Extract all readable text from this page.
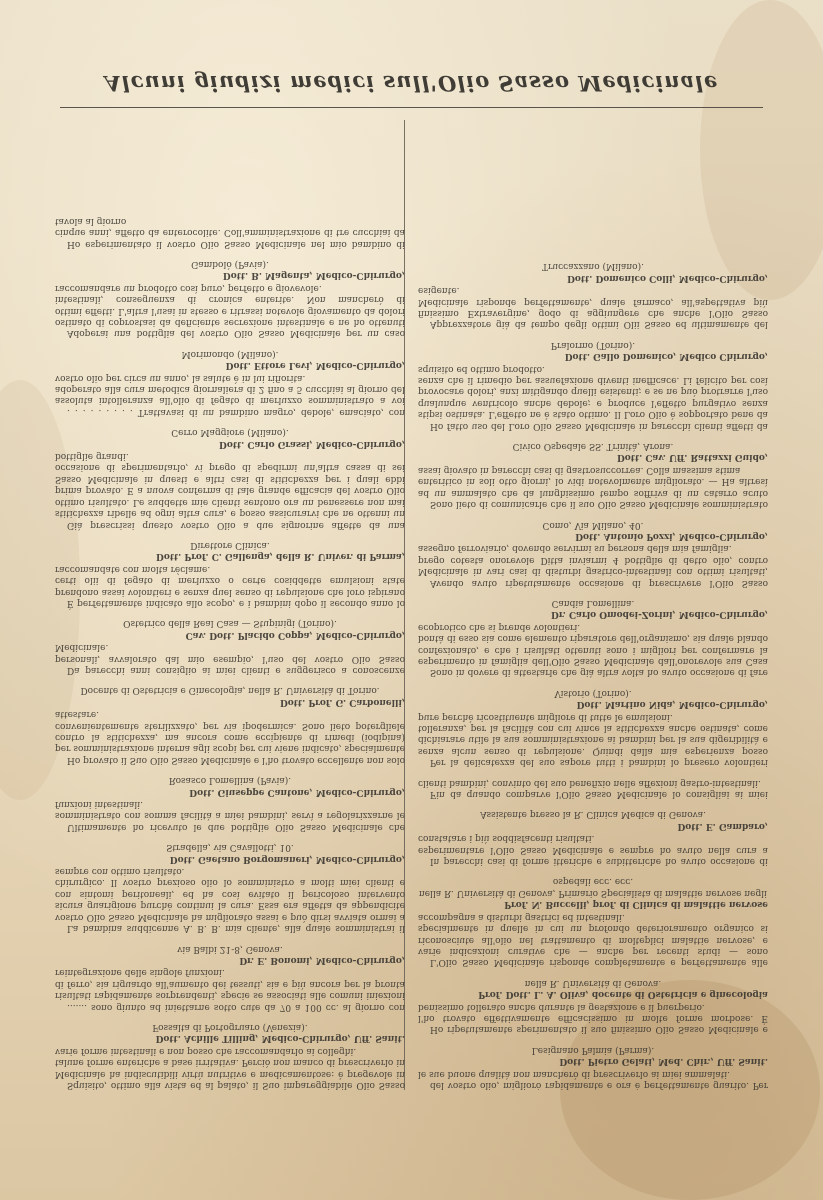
Alcuni giudizi medici sull'Olio Sasso Medicinale

Squisito, ottimo alla vista ed al palato, il Suo impareggiabile Olio Sasso Medicinale ha indiscutibili virtù nutritive e medicamentose: è pregevole in talune forme enteriche a base irritativa. Perciò non manco di prescriverlo in varie forme intestinali e non posso che raccomandarlo ai colleghi.
Dott. Achille Tilling, Medico-Chirurgo, Uff. Sanit.
Fossalta di Portogruaro (Venezia).

....... sono giunto ad iniettarne sotto cute da 70 a 100 cc. al giorno con risultati rapidamente sorprendenti, specie se associati alle comuni iniezioni di ferro, sia riguardo all'aumento dei tessuti, sia e più ancora per la pronta reintegrazione delle singole funzioni.
Dr. E. Bonomi, Medico-Chirurgo,
via Balbi 21-8, Genova.

La bambina suddicenne A. B. B. mia cliente, alla quale somministrai il vostro Olio Sasso Medicinale ha migliorato assai e può dirsi avviata ormai a sicura guarigione purchè continui la cura. Essa era affetta da appendicite con sintomi peritoneali, ed ha così evitato il pericoloso intervento chirurgico. Il vostro prezioso olio lo somministro a molti miei clienti e sempre con ottimo risultato.
Dott. Gaetano Borgomaneri, Medico-Chirurgo,
Stradella, via Cavallotti, 10.

Ultimamente ho ricevuto le due bottiglie Olio Sasso Medicinale che somministrato con somma facilità a miei bambini, servì a regolarizzarne le funzioni intestinali.
Dott. Giuseppe Cantone, Medico-Chirurgo,
Rosasco Lomellina (Pavia).

Ho provato il Suo Olio Sasso Medicinale e l'ho trovato eccellente non solo per somministrazione interna agli scopi per cui viene indicato, specialmente contro la stitichezza, ma ancora come eccipiente di rimedi (iodipina) convenientemente sterilizzato, per via ipodermica. Sono lieto potergliele attestare.
Dott. Prof. G. Carbonelli,
Docente di Ostetricia e Ginecologia, nella R. Università di Torino.

Da parecchi anni consiglio ai miei clienti e suggerisco a conoscenze personali, avvalorato dal mio esempio, l'uso del vostro Olio Sasso Medicinale.
Cav. Dott. Placido Coppa, Medico-Chirurgo,
Ostetrico della Real Casa — Stupinigi (Torino).

È perfettamente indicato allo scopo, e i bambini dopo il secondo anno lo prendono assai volontieri e senza quel senso di repulsione che loro ispirano certi olii di fegato di merluzzo o certe cosiddette emulsioni state raccomandate con molta réclame.
Dott. Prof. C. Gallenga, della R. Univer. di Parma,
Direttore Clinica.

Già prescrissi questo vostro Olio a due signorine affette da una stitichezza ribelle ad ogni altra cura, e posso assicurarvi che ne ottenni un ottimo risultato. Le suddette mie clienti sentono ora un benessere non mai prima provato. E a nuova conferma di tale grande efficacia del vostro Olio Sasso Medicinale in questi e altri casi di stitichezza per i quali ebbi occasione di sperimentarlo, vi prego di spedirmi un'altra cassa di sei bottiglie grandi.
Dott. Carlo Grassi, Medico-Chirurgo,
Cerro Maggiore (Milano).

. . . . . . . . . Trattavasi di un bambino magro, debole, emaciato, con assoluta intolleranza all'olio di fegato di merluzzo somministrato a voi adoperato alla cura metodica giornaliera di 2 fino a 5 cucchiai al giorno del vostro olio per circa un anno, la salute è in lui rifiorita.
Dott. Ettore Levi, Medico-Chirurgo,
Morimondo (Milano).

Adoperai una bottiglia del vostro Olio Sasso Medicinale per un caso ostinato di coprostasi da deficiente secrezione intestinale e ne ho ottenuti ottimi effetti. L'altra l'usai in stesso e ritrassi notevole giovamento da dolori intestinali, conseguenza di cronica enterite. Non mancherò di raccomandare un prodotto così puro, perfetto e giovevole.
Dott. B. Magenta, Medico-Chirurgo,
Gambolò (Pavia).

Ho esperimentato il vostro Olio Sasso Medicinale nel mio bambino di cinque anni, affetto da enterocolite. Coll'amministrazione di tre cucchiai da tavola al giorno

del vostro olio, migliorò rapidamente e ora è perfettamente guarito. Per le sue buone qualità non mancherò di prescriverlo ai miei ammalati.
Dott. Pietro Gelati, Med. Chir., Uff. Sanit.
Lesignano Palmia (Parma).

Ho ripetutamente sperimentato il suo finissimo Olio Sasso Medicinale e l'ho trovato effettivamente efficacissimo in molte forme morbose. È benissimo tollerato anche durante la gestazione e il puerperio.
Prof. Dott. L. A. Oliva, docente di Ostetricia e ginecologia
nella R. Università di Genova.

L'Olio Sasso Medicinale risponde completamente e perfettamente alle varie indicazioni curative che — anche per recenti studi — sono riconosciute all'olio nel trattamento di molteplici malattie nervose, e specialmente in quelle in cui un profondo deterioramento organico si accompagna a disturbi gastrici ed intestinali.
Prof. N. Buccelli, prof. di Clinica di malattie nervose
nella R. Università di Genova, Primario Specialista di malattie nervose negli ospedali ecc. ecc.

In parecchi casi di forme itteriche e subitteriche ho avuto occasione di esperimentare l'Olio Sasso Medicinale e sempre ho avuto nella cura a constatare i più soddisfacenti risultati.
Dott. E. Gambaro,
Assistente presso la R. Clinica Medica di Genova.

Fin da quando comparve l'Olio Sasso Medicinale lo consigliai ai miei clienti bambini, convinto del suo benefizio nelle affezioni gastro-intestinali.

Per la delicatezza del suo sapore tutti i bambini lo presero volontieri senza alcun senso di repulsione. Quindi dalla mia esperienza posso dichiarare utile la sua somministrazione ai bambini per la sua digeribilità e tolleranza, per la facilità con cui vince la stitichezza anche ostinata, come pure perchè ricostituente migliore di tutte le emulsioni.
Dott. Martino Nida, Medico-Chirurgo,
Vistorio (Torino).

Sono in dovere di attestarle che già altra volta ho avuto occasione di fare esperimento in famiglia dell'Olio Sasso Medicinale dall'onorevole sua Casa confezionato, e che i risultati ottenuti sono i migliori per confermare la bontà di esso sia come elemento riparatore dell'organismo, sia quale blando ecoprotico che si prende volontieri.
Dr. Carlo Omodei-Zorini, Medico-Chirurgo,
Candia Lomellina.

Avendo avuto ripetutamente occasione di prescrivere l'Olio Sasso Medicinale in vari casi di disturbi gastrico-intestinali con ottimi risultati, prego cotesta onorevole Ditta inviarmi 4 bottiglie di detto olio, contro assegno ferroviario, dovendo servirmi su persona della mia famiglia.
Dott. Antonio Pozzi, Medico-Chirurgo,
Como, Via Milano, 40.

Sono lieto di comunicarle che il suo Olio Sasso Medicinale somministrato ad un ammalato che da lunghissimo tempo soffriva di un catarro acuto enteritico in soli otto giorni, lo vidi notevolmente migliorato. — Ha altresì assai giovato in parecchi casi di gastrosuccorrea. Colla massima stima
Dott. Cav. Uff. Rattazzi Guido,
Civico Ospedale SS. Trinità, Arona.

Ho fatto uso del Loro Olio Sasso Medicinale in parecchi clienti affetti da stipsi ostinata. L'effetto ne è stato ottimo. Il Loro Olio è sopportato bene da qualunque ventricolo anche debole; e produce l'effetto purgativo senza provocare dolori, anzi mitigando quelli esistenti; e se ne può protrarre l'uso senza che il rimedio per assuefazione diventi inefficace. Li felicito per così squisito ed ottimo prodotto.
Dott. Gallo Domenico, Medico Chirurgo,
Pralormo (Torino).

Apprezzatore già da tempo degli ottimi Olii Sasso ed ultimamente del finissimo Extravergine, godo di aggiungere che anche l'Olio Sasso Medicinale risponde perfettamente, quale farmaco, all'aspettativa più esigente.
Dott. Domenico Colli, Medico-Chirurgo,
Truccazzano (Milano).
